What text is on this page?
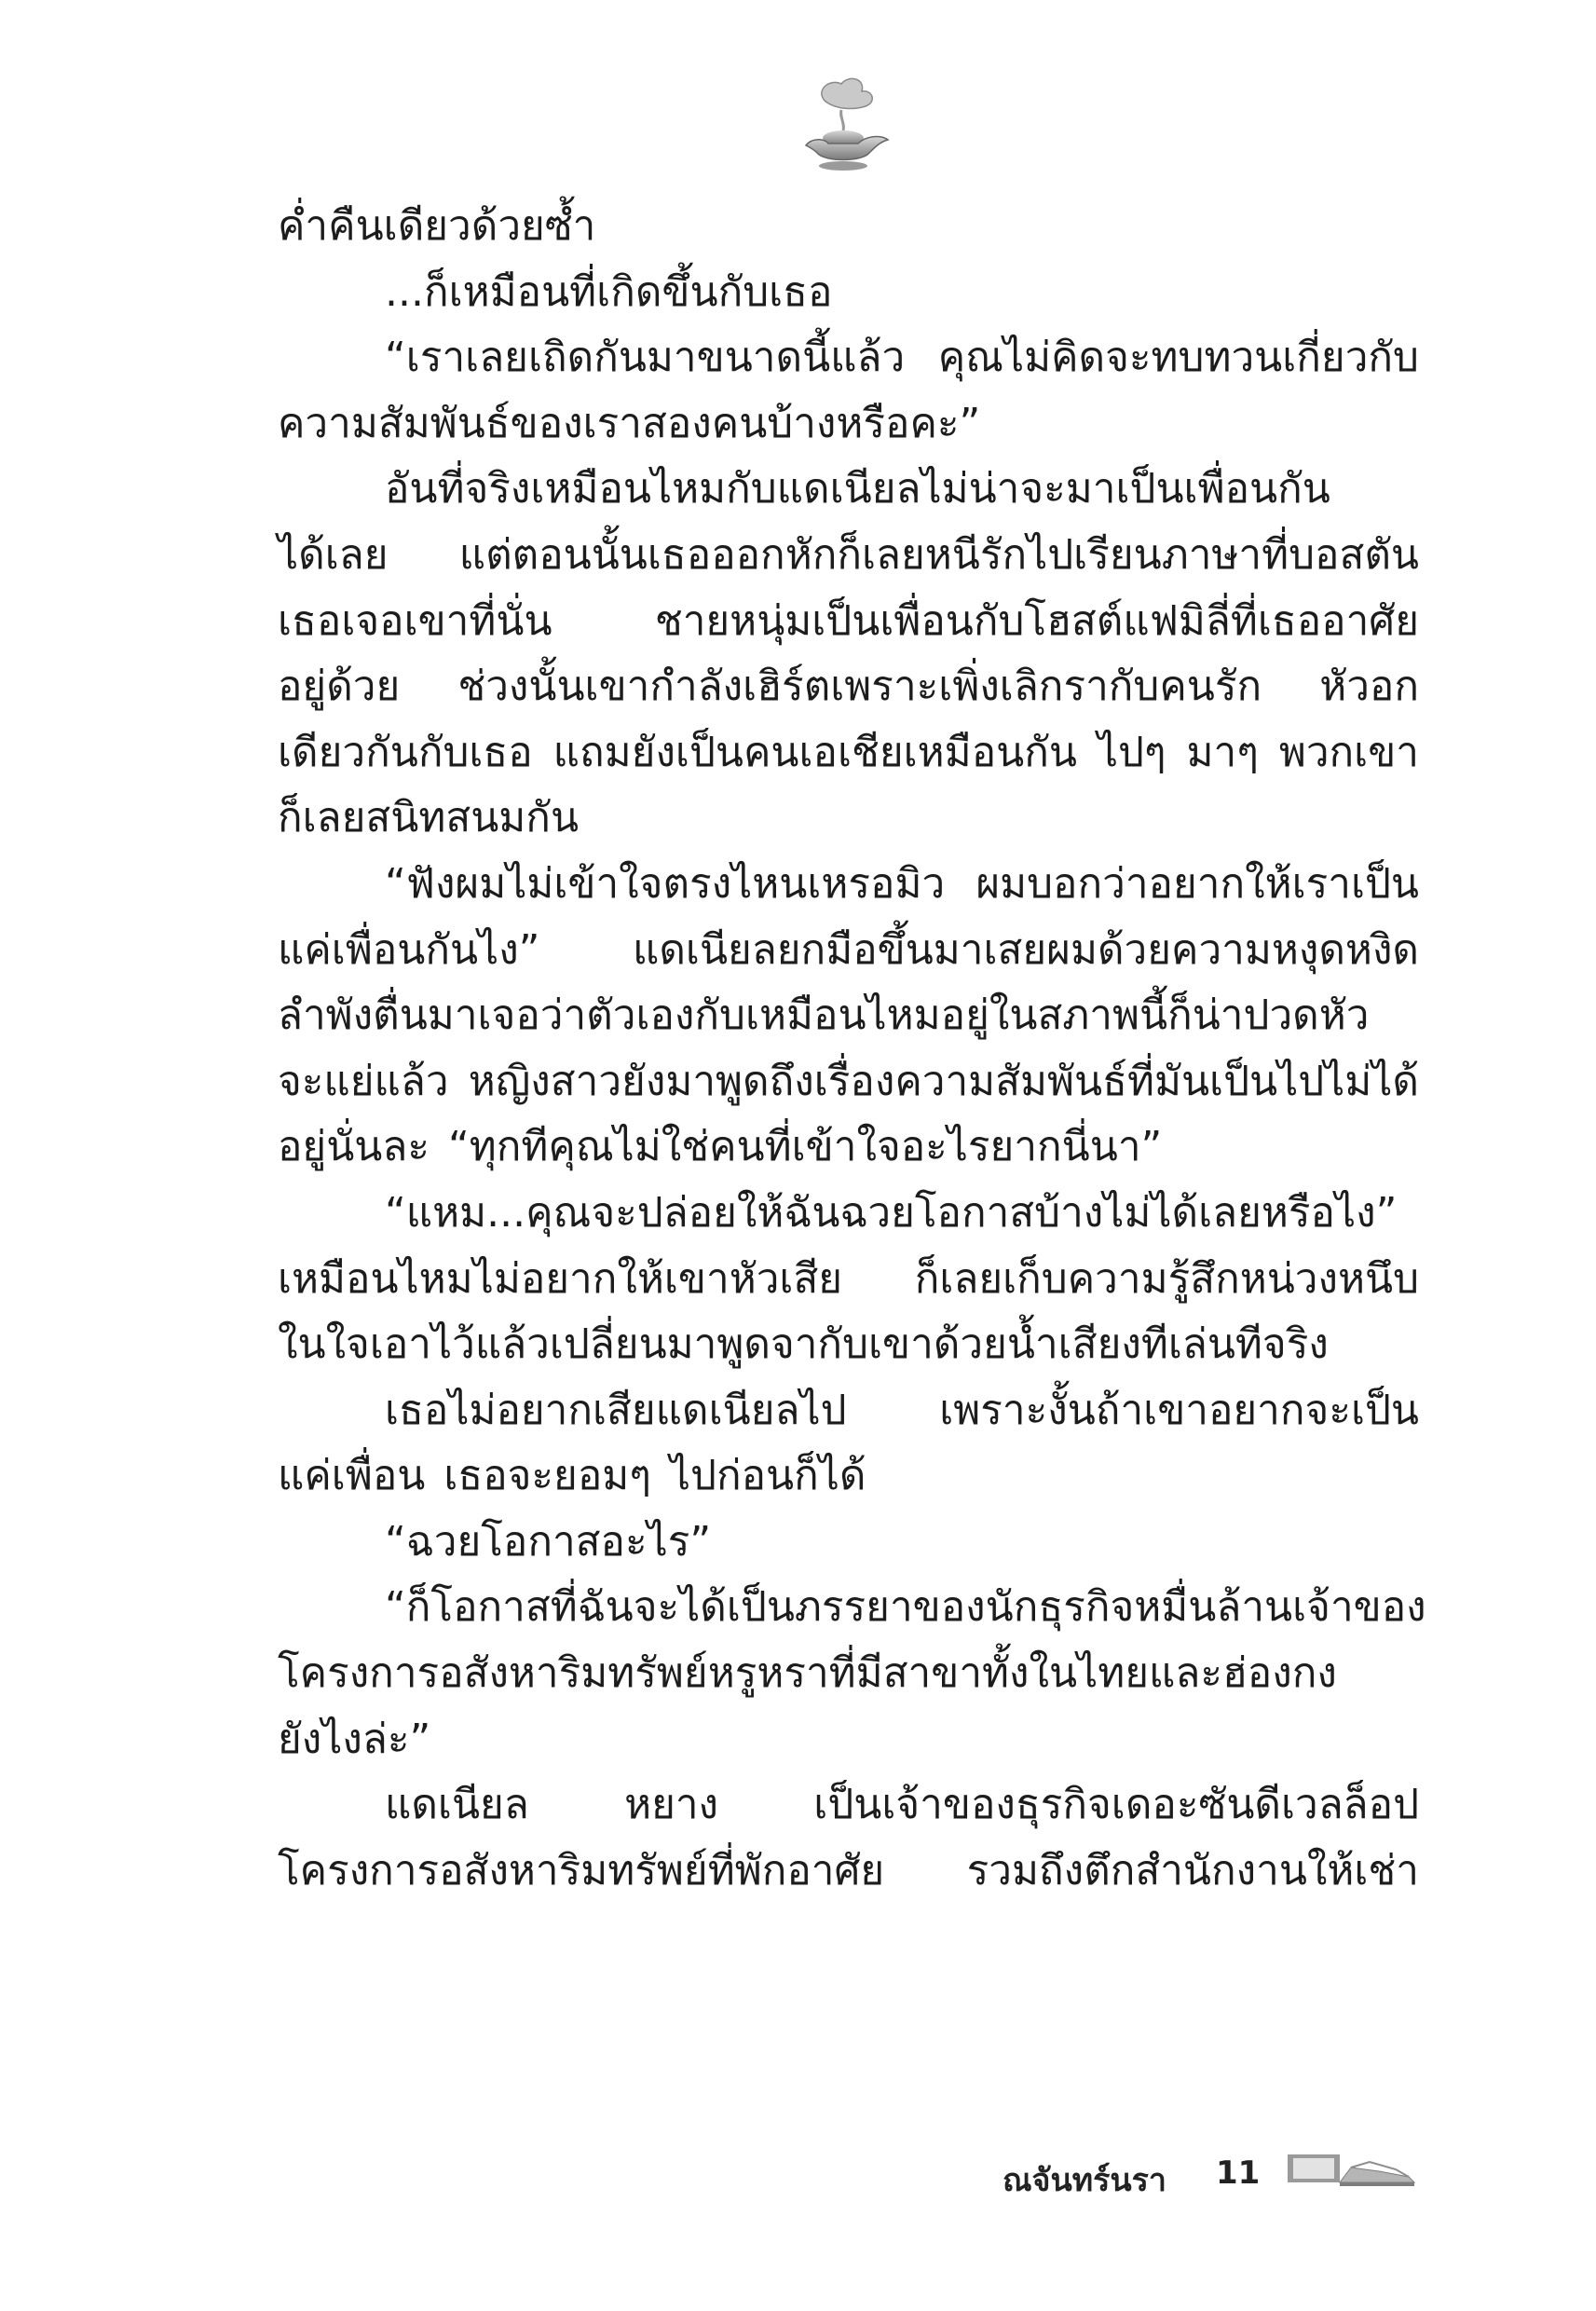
ค่ำคืนเดียวด้วยซ้ำ
...ก็เหมือนที่เกิดขึ้นกับเธอ
“เราเลยเถิดกันมาขนาดนี้แล้ว คุณไม่คิดจะทบทวนเกี่ยวกับ
ความสัมพันธ์ของเราสองคนบ้างหรือคะ”
อันที่จริงเหมือนไหมกับแดเนียลไม่น่าจะมาเป็นเพื่อนกัน
ได้เลย แต่ตอนนั้นเธอออกหักก็เลยหนีรักไปเรียนภาษาที่บอสตัน
เธอเจอเขาที่นั่น ชายหนุ่มเป็นเพื่อนกับโฮสต์แฟมิลี่ที่เธออาศัย
อยู่ด้วย ช่วงนั้นเขากำลังเฮิร์ตเพราะเพิ่งเลิกรากับคนรัก หัวอก
เดียวกันกับเธอ แถมยังเป็นคนเอเชียเหมือนกัน ไปๆ มาๆ พวกเขา
ก็เลยสนิทสนมกัน
“ฟังผมไม่เข้าใจตรงไหนเหรอมิว ผมบอกว่าอยากให้เราเป็น
แค่เพื่อนกันไง” แดเนียลยกมือขึ้นมาเสยผมด้วยความหงุดหงิด
ลำพังตื่นมาเจอว่าตัวเองกับเหมือนไหมอยู่ในสภาพนี้ก็น่าปวดหัว
จะแย่แล้ว หญิงสาวยังมาพูดถึงเรื่องความสัมพันธ์ที่มันเป็นไปไม่ได้
อยู่นั่นละ “ทุกทีคุณไม่ใช่คนที่เข้าใจอะไรยากนี่นา”
“แหม...คุณจะปล่อยให้ฉันฉวยโอกาสบ้างไม่ได้เลยหรือไง”
เหมือนไหมไม่อยากให้เขาหัวเสีย ก็เลยเก็บความรู้สึกหน่วงหนึบ
ในใจเอาไว้แล้วเปลี่ยนมาพูดจากับเขาด้วยน้ำเสียงทีเล่นทีจริง
เธอไม่อยากเสียแดเนียลไป เพราะงั้นถ้าเขาอยากจะเป็น
แค่เพื่อน เธอจะยอมๆ ไปก่อนก็ได้
“ฉวยโอกาสอะไร”
“ก็โอกาสที่ฉันจะได้เป็นภรรยาของนักธุรกิจหมื่นล้านเจ้าของ
โครงการอสังหาริมทรัพย์หรูหราที่มีสาขาทั้งในไทยและฮ่องกง
ยังไงล่ะ”
แดเนียล หยาง เป็นเจ้าของธุรกิจเดอะซันดีเวลล็อป
โครงการอสังหาริมทรัพย์ที่พักอาศัย รวมถึงตึกสำนักงานให้เช่า
ณจันทร์นรา 11
